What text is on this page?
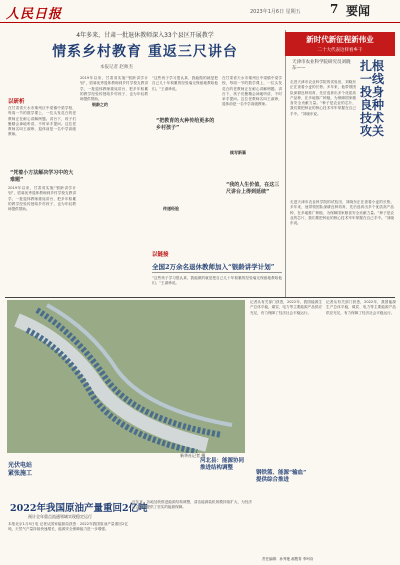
人民日报	2023年1月6日 星期五 7 要闻
4年多来，甘肃一批退休教师深入33个县区开展教学
情系乡村教育 重返三尺讲台
本报记者 赵帅杰
以研析
在甘肃省天水市秦州区中梁镇中梁学校，每周一节的数学课上，一位头发花白的老教师正在耐心讲解例题。讲台下，孩子们聚精会神地听讲，不时举手提问。这位老教师名叫王淑珍，退休前是一名中学高级教师。
“凭着小方法解决学习中的大难题”
2019年以来，甘肃省实施“银龄讲学计划”，招募优秀退休教师到乡村学校支教讲学，一批退休教师重返讲台，把多年积累的教学经验传授给乡村孩子，也为年轻教师提供帮助。
2019年以来，甘肃省实施“银龄讲学计划”，招募优秀退休教师到乡村学校支教讲学，一批退休教师重返讲台，把多年积累的教学经验传授给乡村孩子，也为年轻教师提供帮助。
银龄之约
“这些孩子学习很认真，我能做的就是把自己几十年积累的经验毫无保留地教给他们。”王淑珍说。
“把教育的火种传给更多的乡村孩子”
传递经验
在甘肃省天水市秦州区中梁镇中梁学校，每周一节的数学课上，一位头发花白的老教师正在耐心讲解例题。讲台下，孩子们聚精会神地听讲，不时举手提问。这位老教师名叫王淑珍，退休前是一名中学高级教师。
续写新篇
“我的人生价值，在这三尺讲台上得到延续”
以链接
全国2万余名退休教师加入“银龄讲学计划”
“这些孩子学习很认真，我能做的就是把自己几十年积累的经验毫无保留地教给他们。”王淑珍说。
新时代新征程新伟业
二十大代表这样看乡干
天津市农业科学院研究员刘晓东——	扎根一线 投身良种技术攻关
走进天津市农业科学院的试验田，刘晓东正在查看小麦的长势。多年来，他带领团队深耕良种培育，先后选育出多个优质高产品种，在多地推广种植，为保障国家粮食安全贡献力量。“种子是农业的芯片，我们要把种业的核心技术牢牢掌握在自己手中。”刘晓东说。
走进天津市农业科学院的试验田，刘晓东正在查看小麦的长势。多年来，他带领团队深耕良种培育，先后选育出多个优质高产品种，在多地推广种植，为保障国家粮食安全贡献力量。“种子是农业的芯片，我们要把种业的核心技术牢牢掌握在自己手中。”刘晓东说。
光伏电站
紧张施工
新华社记者 摄
记者从有关部门获悉，2022年，我国能源生产总体平稳，煤炭、电力等主要能源产品供应充足，有力保障了经济社会平稳运行。
记者从有关部门获悉，2022年，我国能源生产总体平稳，煤炭、电力等主要能源产品供应充足，有力保障了经济社会平稳运行。
钢铁篮、能源“输血”
提供综合推进
2022年我国原油产量重回2亿吨
预计全年重点流通领域实现稳定运行
本报北京1月5日电 记者从国家能源局获悉：2022年我国原油产量重回2亿吨，天然气产量持续快速增长，能源安全保障能力进一步增强。
河北县：能源协同
推进结构调整
近年来，各地加快推进能源结构调整，清洁能源装机规模持续扩大，为经济社会发展提供了坚实的能源保障。
责任编辑：孙秀艳 郝骏青 李珂诗
